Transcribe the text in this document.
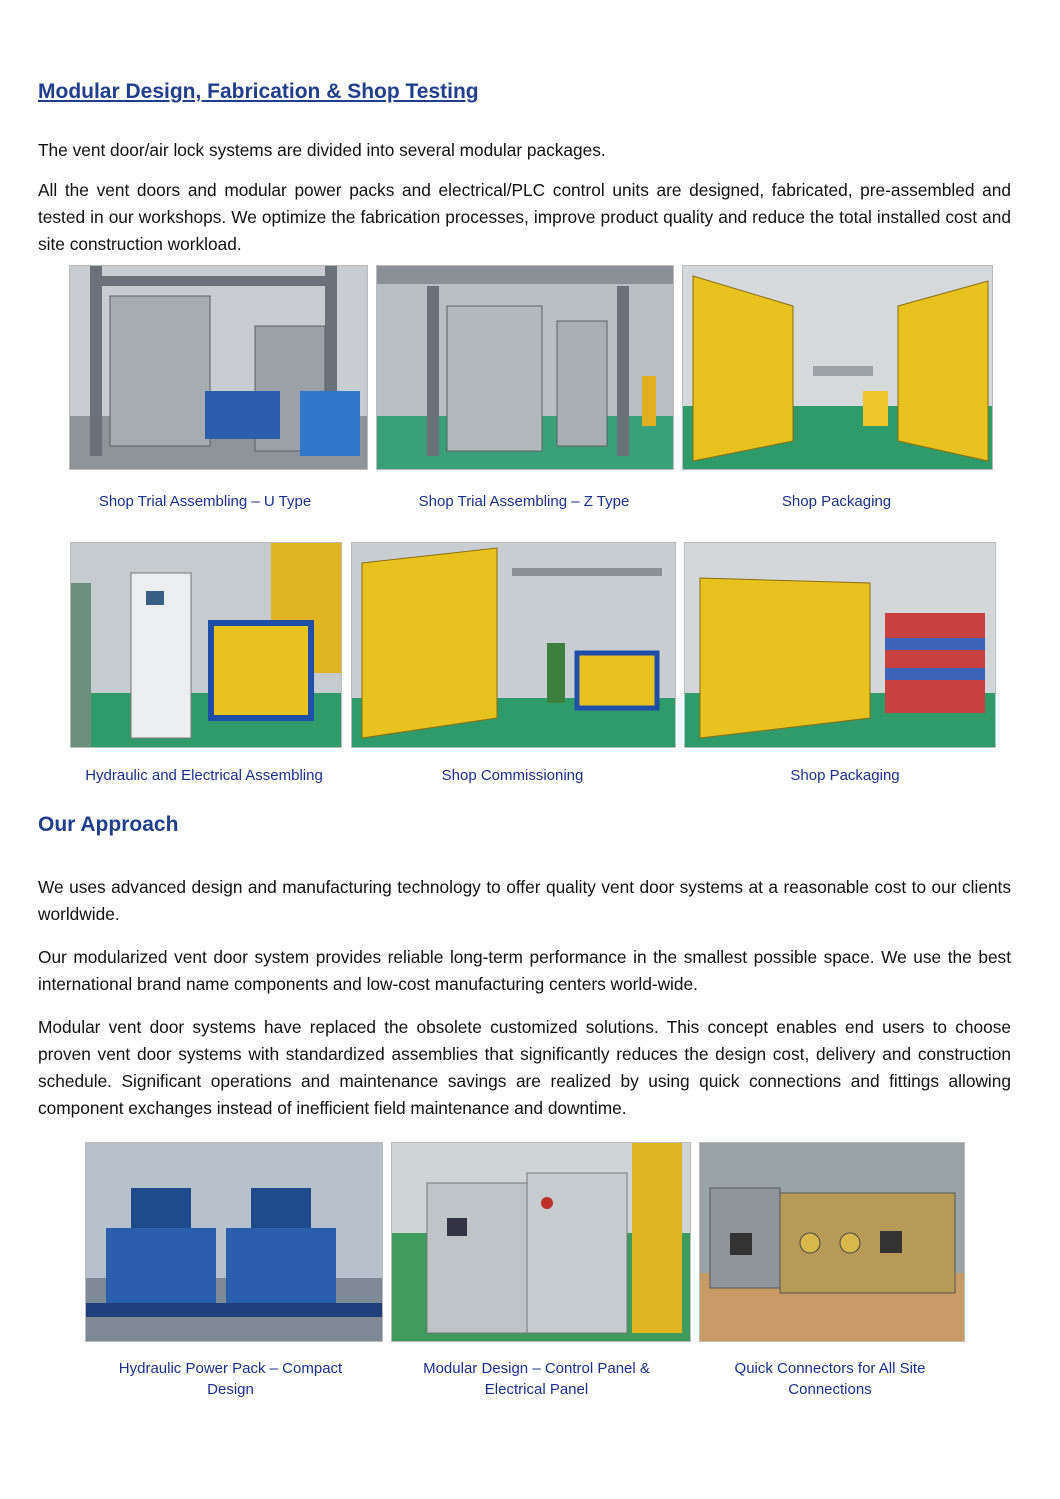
Modular Design, Fabrication & Shop Testing
The vent door/air lock systems are divided into several modular packages.
All the vent doors and modular power packs and electrical/PLC control units are designed, fabricated, pre-assembled and tested in our workshops. We optimize the fabrication processes, improve product quality and reduce the total installed cost and site construction workload.
Shop Trial Assembling – U Type	Shop Trial Assembling – Z Type	Shop Packaging
Hydraulic and Electrical Assembling	Shop Commissioning	Shop Packaging
Our Approach
We uses advanced design and manufacturing technology to offer quality vent door systems at a reasonable cost to our clients worldwide.
Our modularized vent door system provides reliable long-term performance in the smallest possible space. We use the best international brand name components and low-cost manufacturing centers world-wide.
Modular vent door systems have replaced the obsolete customized solutions. This concept enables end users to choose proven vent door systems with standardized assemblies that significantly reduces the design cost, delivery and construction schedule. Significant operations and maintenance savings are realized by using quick connections and fittings allowing component exchanges instead of inefficient field maintenance and downtime.
Hydraulic Power Pack – Compact
Design
Modular Design – Control Panel &
Electrical Panel
Quick Connectors for All Site
Connections
